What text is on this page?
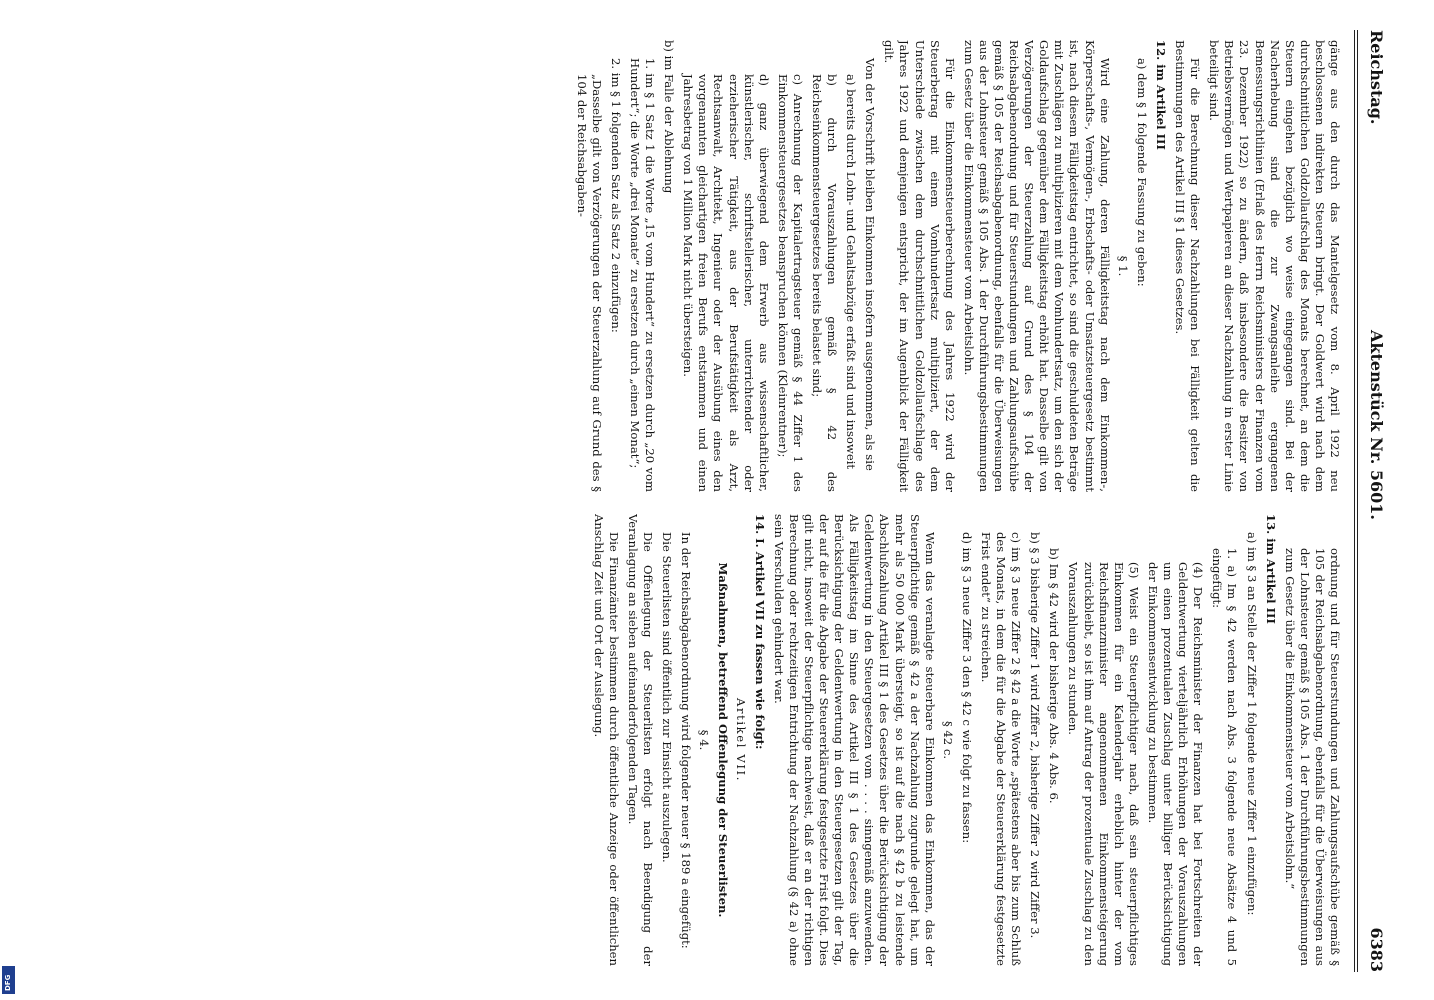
Reichstag.
Aktenstück Nr. 5601.
6383

gänge aus den durch das Mantelgesetz vom 8. April 1922 neu beschlossenen indirekten Steuern bringt. Der Goldwert wird nach dem durchschnittlichen Goldzollaufschlag des Monats berechnet, an dem die Steuern eingehen bezüglich wo weise eingegangen sind. Bei der Nacherhebung sind die zur Zwangsanleihe ergangenen Bemessungsrichtlinien (Erlaß des Herrn Reichsministers der Finanzen vom 23. Dezember 1922) so zu ändern, daß insbesondere die Besitzer von Betriebsvermögen und Wertpapieren an dieser Nachzahlung in erster Linie beteiligt sind.

Für die Berechnung dieser Nachzahlungen bei Fälligkeit gelten die Bestimmungen des Artikel III § 1 dieses Gesetzes.

12. im Artikel III

a) dem § 1 folgende Fassung zu geben:

§ 1.

Wird eine Zahlung, deren Fälligkeitstag nach dem Einkommen-, Körperschafts-, Vermögen-, Erbschafts- oder Umsatzsteuergesetz bestimmt ist, nach diesem Fälligkeitstag entrichtet, so sind die geschuldeten Beträge mit Zuschlägen zu multiplizieren mit dem Vomhundertsatz, um den sich der Goldaufschlag gegenüber dem Fälligkeitstag erhöht hat. Dasselbe gilt von Verzögerungen der Steuerzahlung auf Grund des § 104 der Reichsabgabenordnung und für Steuerstundungen und Zahlungsaufschübe gemäß § 105 der Reichsabgabenordnung, ebenfalls für die Überweisungen aus der Lohnsteuer gemäß § 105 Abs. 1 der Durchführungsbestimmungen zum Gesetz über die Einkommensteuer vom Arbeitslohn.

Für die Einkommensteuerberechnung des Jahres 1922 wird der Steuerbetrag mit einem Vomhundertsatz multipliziert, der dem Unterschiede zwischen dem durchschnittlichen Goldzollaufschlage des Jahres 1922 und demjenigen entspricht, der im Augenblick der Fälligkeit gilt.

Von der Vorschrift bleiben Einkommen insofern ausgenommen, als sie

a) bereits durch Lohn- und Gehaltsabzüge erfaßt sind und insoweit

b) durch Vorauszahlungen gemäß § 42 des Reichseinkommensteuergesetzes bereits belastet sind;

c) Anrechnung der Kapitalertragsteuer gemäß § 44 Ziffer 1 des Einkommensteuergesetzes beanspruchen können (Kleinrentner);

d) ganz überwiegend dem Erwerb aus wissenschaftlicher, künstlerischer, schriftstellerischer, unterrichtender oder erzieherischer Tätigkeit, aus der Berufstätigkeit als Arzt, Rechtsanwalt, Architekt, Ingenieur oder der Ausübung eines den vorgenannten gleichartigen freien Berufs entstammen und einen Jahresbetrag von 1 Million Mark nicht übersteigen.

b) im Falle der Ablehnung

1. im § 1 Satz 1 die Worte „15 vom Hundert“ zu ersetzen durch „20 vom Hundert“; die Worte „drei Monate“ zu ersetzen durch „einen Monat“;

2. im § 1 folgenden Satz als Satz 2 einzufügen:

„Dasselbe gilt von Verzögerungen der Steuerzahlung auf Grund des § 104 der Reichsabgaben-

ordnung und für Steuerstundungen und Zahlungsaufschübe gemäß § 105 der Reichsabgabenordnung, ebenfalls für die Überweisungen aus der Lohnsteuer gemäß § 105 Abs. 1 der Durchführungsbestimmungen zum Gesetz über die Einkommensteuer vom Arbeitslohn.“

13. im Artikel III

a) im § 3 an Stelle der Ziffer 1 folgende neue Ziffer 1 einzufügen:

1. a) Im § 42 werden nach Abs. 3 folgende neue Absätze 4 und 5 eingefügt:

(4) Der Reichsminister der Finanzen hat bei Fortschreiten der Geldentwertung vierteljährlich Erhöhungen der Vorauszahlungen um einen prozentualen Zuschlag unter billiger Berücksichtigung der Einkommensentwicklung zu bestimmen.

(5) Weist ein Steuerpflichtiger nach, daß sein steuerpflichtiges Einkommen für ein Kalenderjahr erheblich hinter der vom Reichsfinanzminister angenommenen Einkommensteigerung zurückbleibt, so ist ihm auf Antrag der prozentuale Zuschlag zu den Vorauszahlungen zu stunden.

b) Im § 42 wird der bisherige Abs. 4 Abs. 6.

b) § 3 bisherige Ziffer 1 wird Ziffer 2, bisherige Ziffer 2 wird Ziffer 3.

c) im § 3 neue Ziffer 2 § 42 a die Worte „spätestens aber bis zum Schluß des Monats, in dem die für die Abgabe der Steuererklärung festgesetzte Frist endet“ zu streichen.

d) im § 3 neue Ziffer 3 den § 42 c wie folgt zu fassen:

§ 42 c.

Wenn das veranlagte steuerbare Einkommen das Einkommen, das der Steuerpflichtige gemäß § 42 a der Nachzahlung zugrunde gelegt hat, um mehr als 50 000 Mark übersteigt, so ist auf die nach § 42 b zu leistende Abschlußzahlung Artikel III § 1 des Gesetzes über die Berücksichtigung der Geldentwertung in den Steuergesetzen vom . . . . sinngemäß anzuwenden. Als Fälligkeitstag im Sinne des Artikel III § 1 des Gesetzes über die Berücksichtigung der Geldentwertung in den Steuergesetzen gilt der Tag, der auf die für die Abgabe der Steuererklärung festgesetzte Frist folgt. Dies gilt nicht, insoweit der Steuerpflichtige nachweist, daß er an der richtigen Berechnung oder rechtzeitigen Entrichtung der Nachzahlung (§ 42 a) ohne sein Verschulden gehindert war.

14. I. Artikel VII zu fassen wie folgt:

Artikel VII.

Maßnahmen, betreffend Offenlegung der Steuerlisten.

§ 4.

In der Reichsabgabenordnung wird folgender neuer § 189 a eingefügt:

Die Steuerlisten sind öffentlich zur Einsicht auszulegen.

Die Offenlegung der Steuerlisten erfolgt nach Beendigung der Veranlagung an sieben aufeinanderfolgenden Tagen.

Die Finanzämter bestimmen durch öffentliche Anzeige oder öffentlichen Anschlag Zeit und Ort der Auslegung.

DFG
